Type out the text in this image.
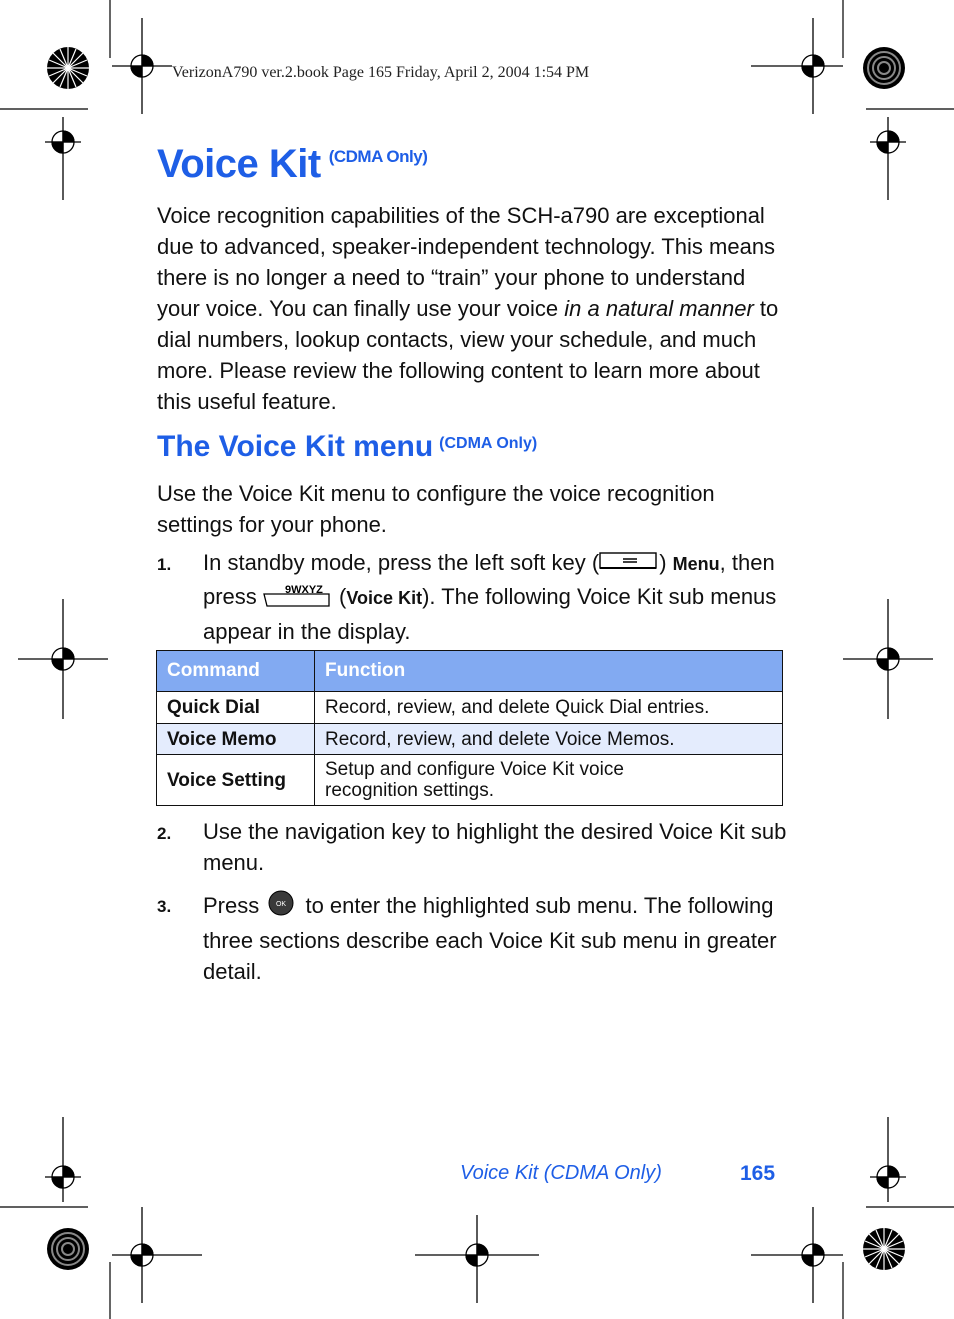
VerizonA790 ver.2.book Page 165 Friday, April 2, 2004 1:54 PM
Voice Kit $^{(CDMA Only)}$

Voice recognition capabilities of the SCH-a790 are exceptional due to advanced, speaker-independent technology. This means there is no longer a need to “train” your phone to understand your voice. You can finally use your voice in a natural manner to dial numbers, lookup contacts, view your schedule, and much more. Please review the following content to learn more about this useful feature.

The Voice Kit menu $^{(CDMA Only)}$

Use the Voice Kit menu to configure the voice recognition settings for your phone.

1. In standby mode, press the left soft key (	) Menu, then press 9WXYZ (Voice Kit). The following Voice Kit sub menus appear in the display.
Command	Function
Quick Dial	Record, review, and delete Quick Dial entries.
Voice Memo	Record, review, and delete Voice Memos.
Voice Setting	Setup and configure Voice Kit voice recognition settings.
2. Use the navigation key to highlight the desired Voice Kit sub menu.
3. Press OK to enter the highlighted sub menu. The following three sections describe each Voice Kit sub menu in greater detail.
Voice Kit (CDMA Only)	165
